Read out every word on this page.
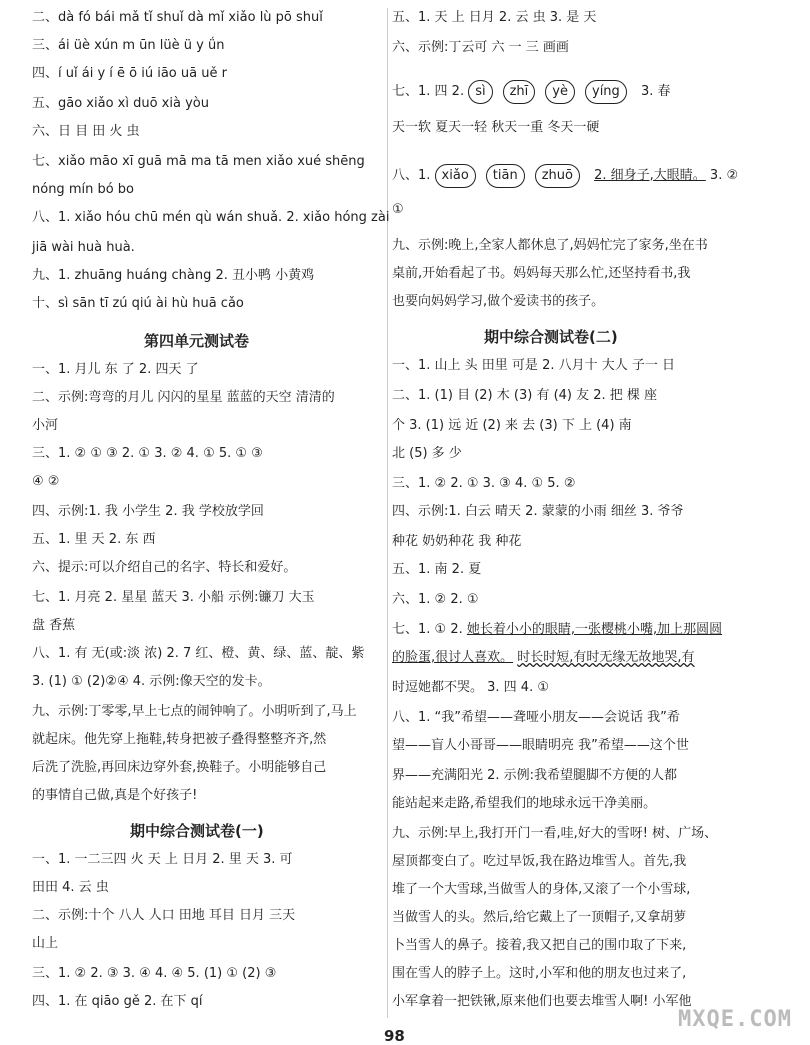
二、dà fó bái mǎ tǐ shuǐ dà mǐ xiǎo lù pō shuǐ
三、ái üè xún m ūn lüè ü y ǘn
四、í uǐ ái y í ē ō iú iāo uā uě r
五、gāo xiǎo xì duō xià yòu
六、日 目 田 火 虫
七、xiǎo māo xī guā mā ma tā men xiǎo xué shēng
nóng mín bó bo
八、1. xiǎo hóu chū mén qù wán shuǎ. 2. xiǎo hóng zài
jiā wài huà huà.
九、1. zhuāng huáng chàng 2. 丑小鸭 小黄鸡
十、sì sān tī zú qiú ài hù huā cǎo
一、1. 月儿 东 了 2. 四天 了
二、示例:弯弯的月儿 闪闪的星星 蓝蓝的天空 清清的
小河
三、1. ② ① ③ 2. ① 3. ② 4. ① 5. ① ③
④ ②
四、示例:1. 我 小学生 2. 我 学校放学回
五、1. 里 天 2. 东 西
六、提示:可以介绍自己的名字、特长和爱好。
七、1. 月亮 2. 星星 蓝天 3. 小船 示例:镰刀 大玉
盘 香蕉
八、1. 有 无(或:淡 浓) 2. 7 红、橙、黄、绿、蓝、靛、紫
3. (1) ① (2)②④ 4. 示例:像天空的发卡。
九、示例:丁零零,早上七点的闹钟响了。小明听到了,马上
就起床。他先穿上拖鞋,转身把被子叠得整整齐齐,然
后洗了洗脸,再回床边穿外套,换鞋子。小明能够自己
的事情自己做,真是个好孩子!
一、1. 一二三四 火 天 上 日月 2. 里 天 3. 可
田田 4. 云 虫
二、示例:十个 八人 人口 田地 耳目 日月 三天
山上
三、1. ② 2. ③ 3. ④ 4. ④ 5. (1) ① (2) ③
四、1. 在 qiāo gě 2. 在下 qí
第四单元测试卷
期中综合测试卷(一)
七、1. 四 2. sì zhī yè yíng 3. 春
八、1. xiǎo tiān zhuō 2. 细身子,大眼睛。 3. ②
七、1. ① 2. 她长着小小的眼睛,一张樱桃小嘴,加上那圆圆
的脸蛋,很讨人喜欢。 时长时短,有时无缘无故地哭,有
五、1. 天 上 日月 2. 云 虫 3. 是 天
六、示例:丁云可 六 一 三 画画
天一软 夏天一轻 秋天一重 冬天一硬
①
九、示例:晚上,全家人都休息了,妈妈忙完了家务,坐在书
桌前,开始看起了书。妈妈每天那么忙,还坚持看书,我
也要向妈妈学习,做个爱读书的孩子。
一、1. 山上 头 田里 可是 2. 八月十 大人 子一 日
二、1. (1) 目 (2) 木 (3) 有 (4) 友 2. 把 棵 座
个 3. (1) 远 近 (2) 来 去 (3) 下 上 (4) 南
北 (5) 多 少
三、1. ② 2. ① 3. ③ 4. ① 5. ②
四、示例:1. 白云 晴天 2. 蒙蒙的小雨 细丝 3. 爷爷
种花 奶奶种花 我 种花
五、1. 南 2. 夏
六、1. ② 2. ①
时逗她都不哭。 3. 四 4. ①
八、1. “我”希望——聋哑小朋友——会说话 我”希
望——盲人小哥哥——眼睛明亮 我”希望——这个世
界——充满阳光 2. 示例:我希望腿脚不方便的人都
能站起来走路,希望我们的地球永远干净美丽。
九、示例:早上,我打开门一看,哇,好大的雪呀! 树、广场、
屋顶都变白了。吃过早饭,我在路边堆雪人。首先,我
堆了一个大雪球,当做雪人的身体,又滚了一个小雪球,
当做雪人的头。然后,给它戴上了一顶帽子,又拿胡萝
卜当雪人的鼻子。接着,我又把自己的围巾取了下来,
围在雪人的脖子上。这时,小军和他的朋友也过来了,
小军拿着一把铁锹,原来他们也要去堆雪人啊! 小军他
期中综合测试卷(二)
98
MXQE.COM
